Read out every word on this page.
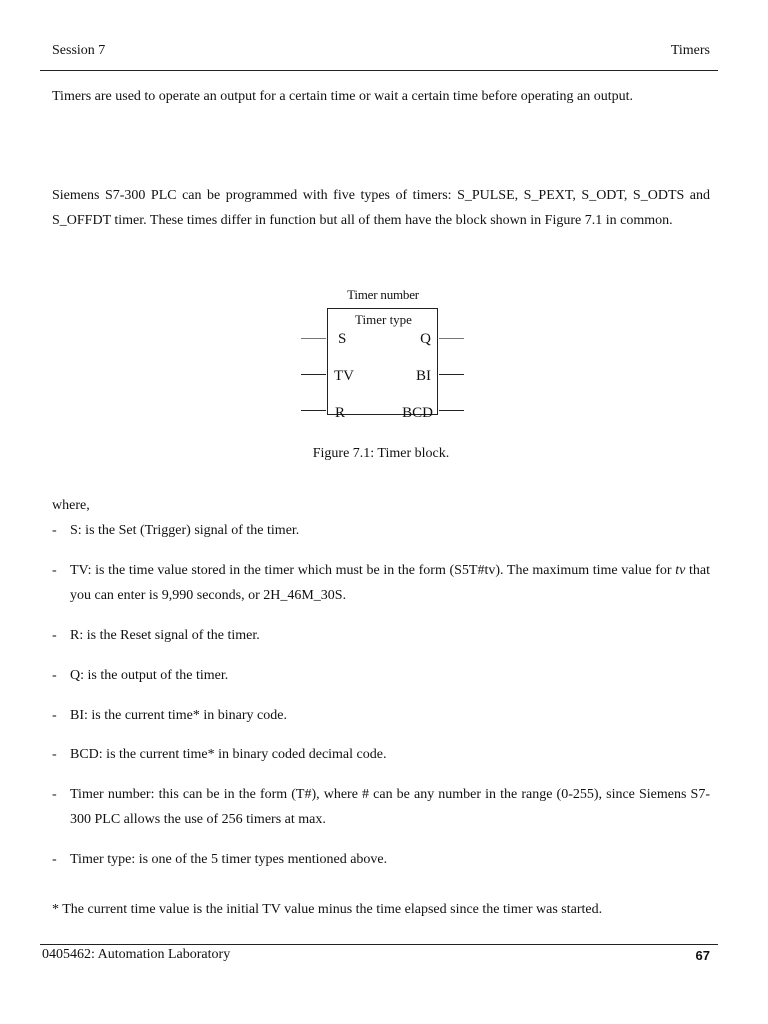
Session 7	Timers
Timers are used to operate an output for a certain time or wait a certain time before operating an output.
Siemens S7-300 PLC can be programmed with five types of timers: S_PULSE, S_PEXT, S_ODT, S_ODTS and S_OFFDT timer. These times differ in function but all of them have the block shown in Figure 7.1 in common.
Timer number
Timer type
S
TV
R
Q
BI
BCD
Figure 7.1: Timer block.
where,
- S: is the Set (Trigger) signal of the timer.
- TV: is the time value stored in the timer which must be in the form (S5T#tv). The maximum time value for tv that you can enter is 9,990 seconds, or 2H_46M_30S.
- R: is the Reset signal of the timer.
- Q: is the output of the timer.
- BI: is the current time* in binary code.
- BCD: is the current time* in binary coded decimal code.
- Timer number: this can be in the form (T#), where # can be any number in the range (0-255), since Siemens S7-300 PLC allows the use of 256 timers at max.
- Timer type: is one of the 5 timer types mentioned above.
* The current time value is the initial TV value minus the time elapsed since the timer was started.
0405462: Automation Laboratory	67
